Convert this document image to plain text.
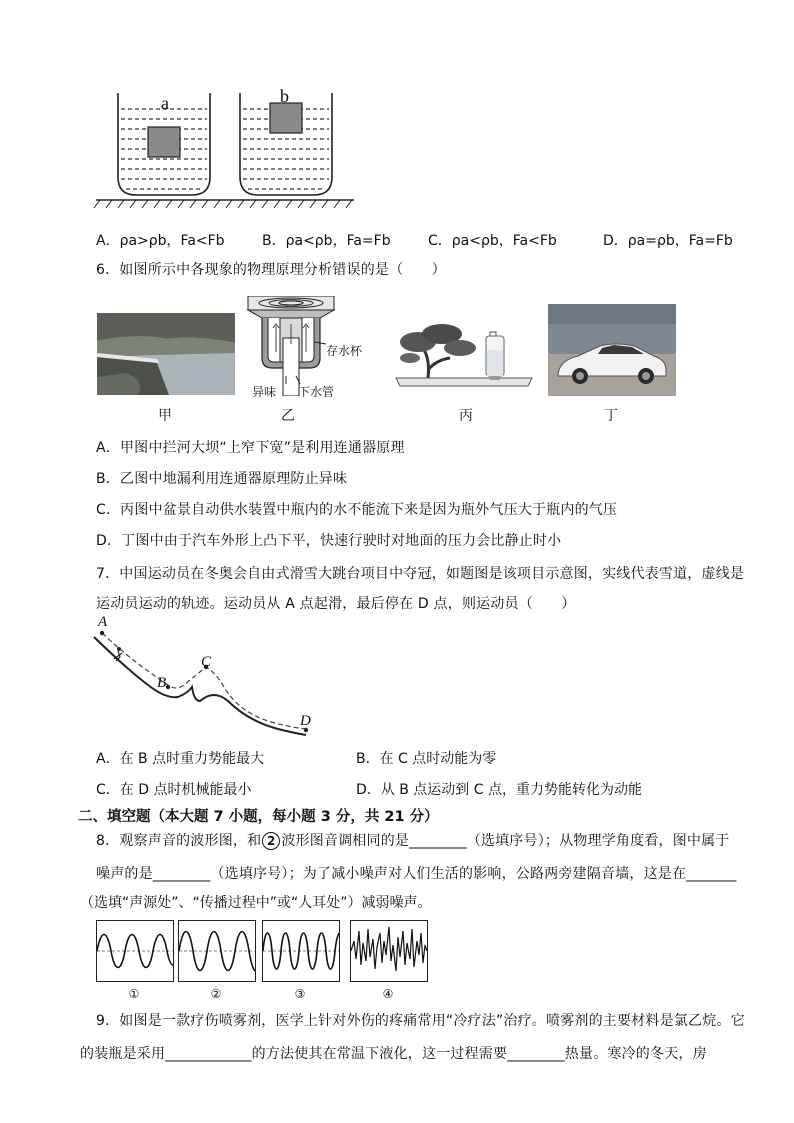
a	b
A．ρa>ρb，Fa<Fb	B．ρa<ρb，Fa=Fb	C．ρa<ρb，Fa<Fb	D．ρa=ρb，Fa=Fb
6．如图所示中各现象的物理原理分析错误的是（　　）
甲
存水杯
异味 下水管
乙	丙	丁
A．甲图中拦河大坝“上窄下宽”是利用连通器原理
B．乙图中地漏利用连通器原理防止异味
C．丙图中盆景自动供水装置中瓶内的水不能流下来是因为瓶外气压大于瓶内的气压
D．丁图中由于汽车外形上凸下平，快速行驶时对地面的压力会比静止时小
7．中国运动员在冬奥会自由式滑雪大跳台项目中夺冠，如题图是该项目示意图，实线代表雪道，虚线是
运动员运动的轨迹。运动员从 A 点起滑，最后停在 D 点，则运动员（　　）
A
B
C
D
A．在 B 点时重力势能最大	B．在 C 点时动能为零
C．在 D 点时机械能最小	D．从 B 点运动到 C 点，重力势能转化为动能
二、填空题（本大题 7 小题，每小题 3 分，共 21 分）
8．观察声音的波形图，和 2 波形图音调相同的是________（选填序号）；从物理学角度看，图中属于
噪声的是________（选填序号）；为了减小噪声对人们生活的影响，公路两旁建隔音墙，这是在_______
（选填“声源处”、“传播过程中”或“人耳处”）减弱噪声。
①	②	③	④
9．如图是一款疗伤喷雾剂，医学上针对外伤的疼痛常用“冷疗法”治疗。喷雾剂的主要材料是氯乙烷。它
的装瓶是采用____________的方法使其在常温下液化，这一过程需要________热量。寒冷的冬天，房
